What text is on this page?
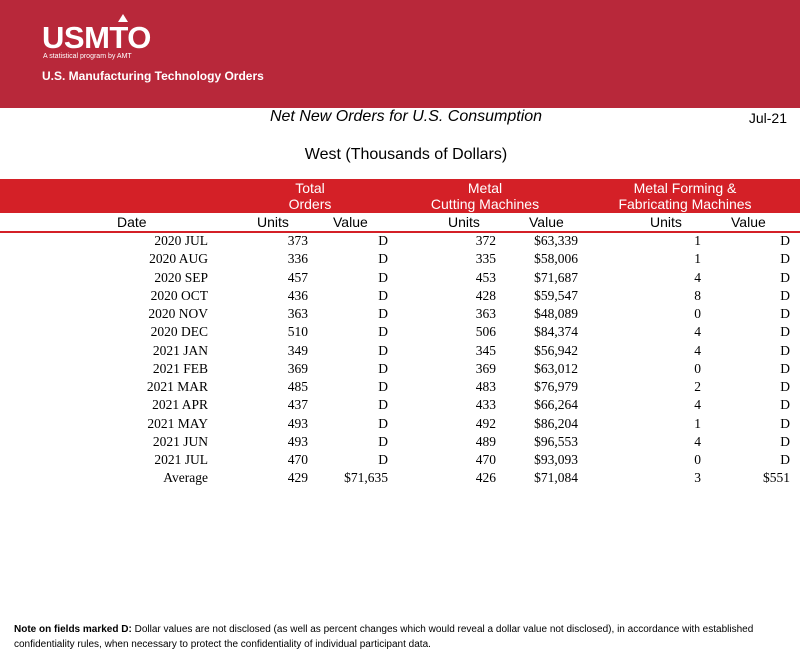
USMTO
A statistical program by AMT
U.S. Manufacturing Technology Orders
Net New Orders for U.S. Consumption	Jul-21
West (Thousands of Dollars)
Total
Orders
Metal
Cutting Machines
Metal Forming &
Fabricating Machines
Date	Units	Value	Units	Value	Units	Value
2020 JUL	373	D	372	$63,339	1	D
2020 AUG	336	D	335	$58,006	1	D
2020 SEP	457	D	453	$71,687	4	D
2020 OCT	436	D	428	$59,547	8	D
2020 NOV	363	D	363	$48,089	0	D
2020 DEC	510	D	506	$84,374	4	D
2021 JAN	349	D	345	$56,942	4	D
2021 FEB	369	D	369	$63,012	0	D
2021 MAR	485	D	483	$76,979	2	D
2021 APR	437	D	433	$66,264	4	D
2021 MAY	493	D	492	$86,204	1	D
2021 JUN	493	D	489	$96,553	4	D
2021 JUL	470	D	470	$93,093	0	D
Average	429	$71,635	426	$71,084	3	$551
Note on fields marked D: Dollar values are not disclosed (as well as percent changes which would reveal a dollar value not disclosed), in accordance with established confidentiality rules, when necessary to protect the confidentiality of individual participant data.
